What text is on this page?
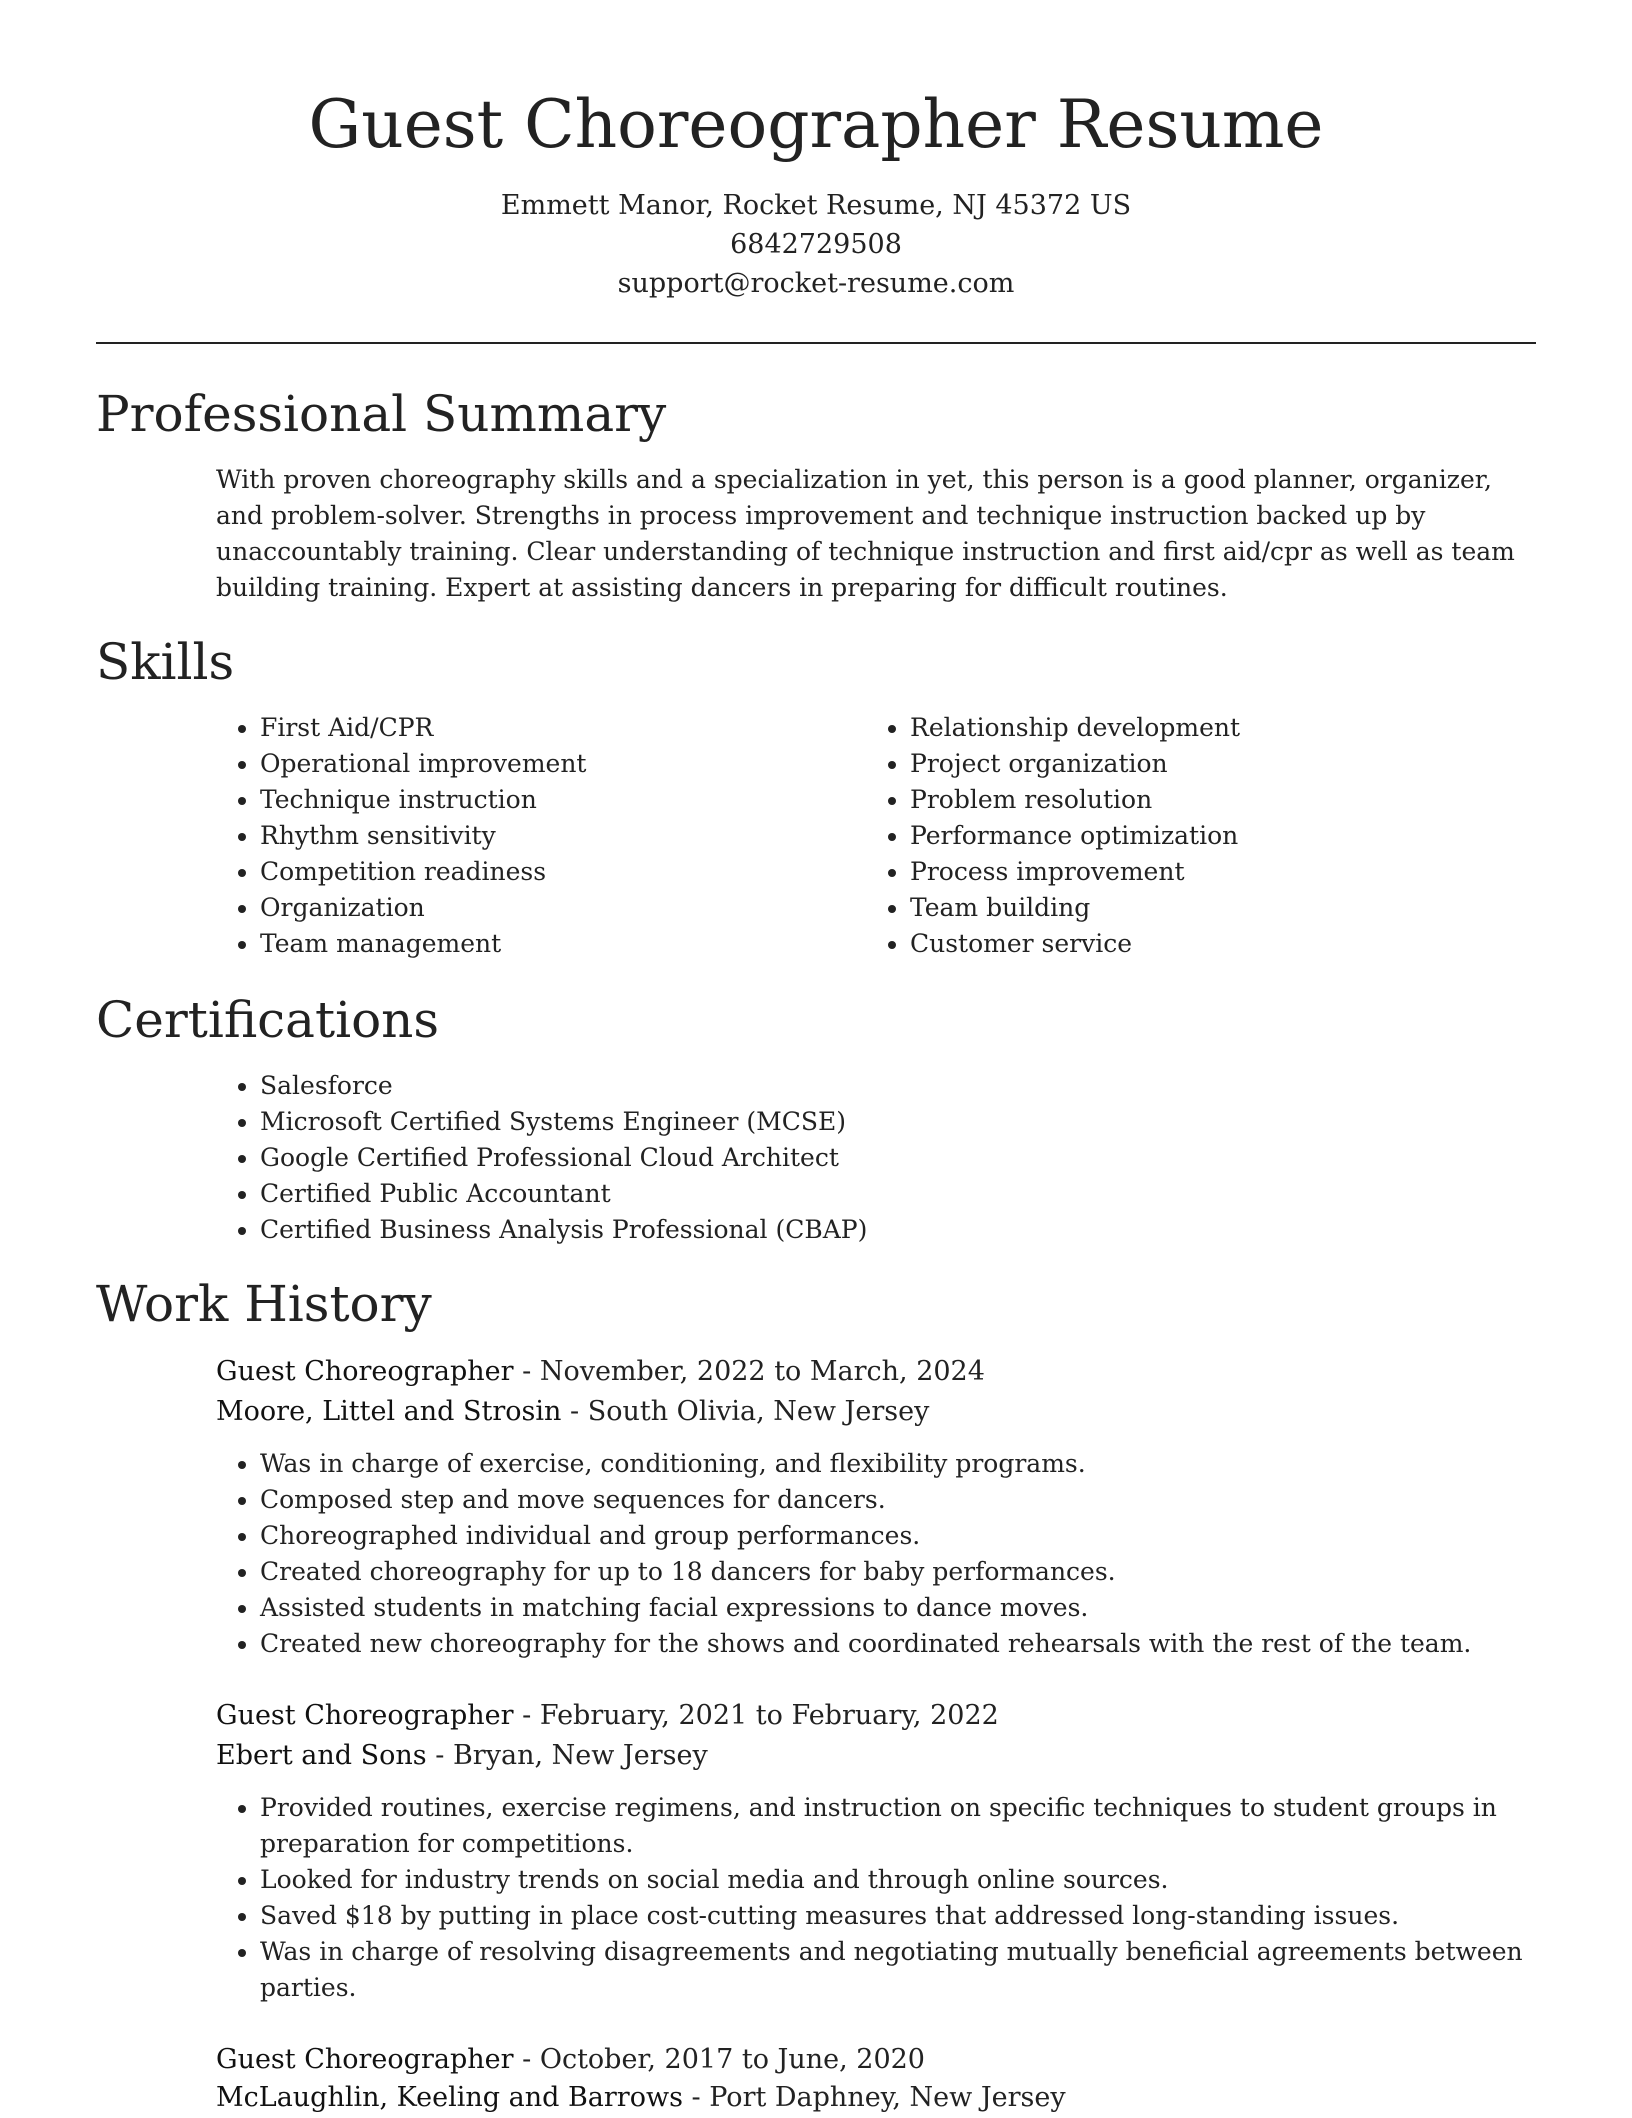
Guest Choreographer Resume
Emmett Manor, Rocket Resume, NJ 45372 US
6842729508
support@rocket-resume.com
Professional Summary

With proven choreography skills and a specialization in yet, this person is a good planner, organizer, and problem-solver. Strengths in process improvement and technique instruction backed up by unaccountably training. Clear understanding of technique instruction and first aid/cpr as well as team building training. Expert at assisting dancers in preparing for difficult routines.

Skills
• First Aid/CPR
• Operational improvement
• Technique instruction
• Rhythm sensitivity
• Competition readiness
• Organization
• Team management
• Relationship development
• Project organization
• Problem resolution
• Performance optimization
• Process improvement
• Team building
• Customer service
Certifications
• Salesforce
• Microsoft Certified Systems Engineer (MCSE)
• Google Certified Professional Cloud Architect
• Certified Public Accountant
• Certified Business Analysis Professional (CBAP)
Work History
Guest Choreographer - November, 2022 to March, 2024
Moore, Littel and Strosin - South Olivia, New Jersey
• Was in charge of exercise, conditioning, and flexibility programs.
• Composed step and move sequences for dancers.
• Choreographed individual and group performances.
• Created choreography for up to 18 dancers for baby performances.
• Assisted students in matching facial expressions to dance moves.
• Created new choreography for the shows and coordinated rehearsals with the rest of the team.
Guest Choreographer - February, 2021 to February, 2022
Ebert and Sons - Bryan, New Jersey
• Provided routines, exercise regimens, and instruction on specific techniques to student groups in preparation for competitions.
• Looked for industry trends on social media and through online sources.
• Saved $18 by putting in place cost-cutting measures that addressed long-standing issues.
• Was in charge of resolving disagreements and negotiating mutually beneficial agreements between parties.
Guest Choreographer - October, 2017 to June, 2020
McLaughlin, Keeling and Barrows - Port Daphney, New Jersey
